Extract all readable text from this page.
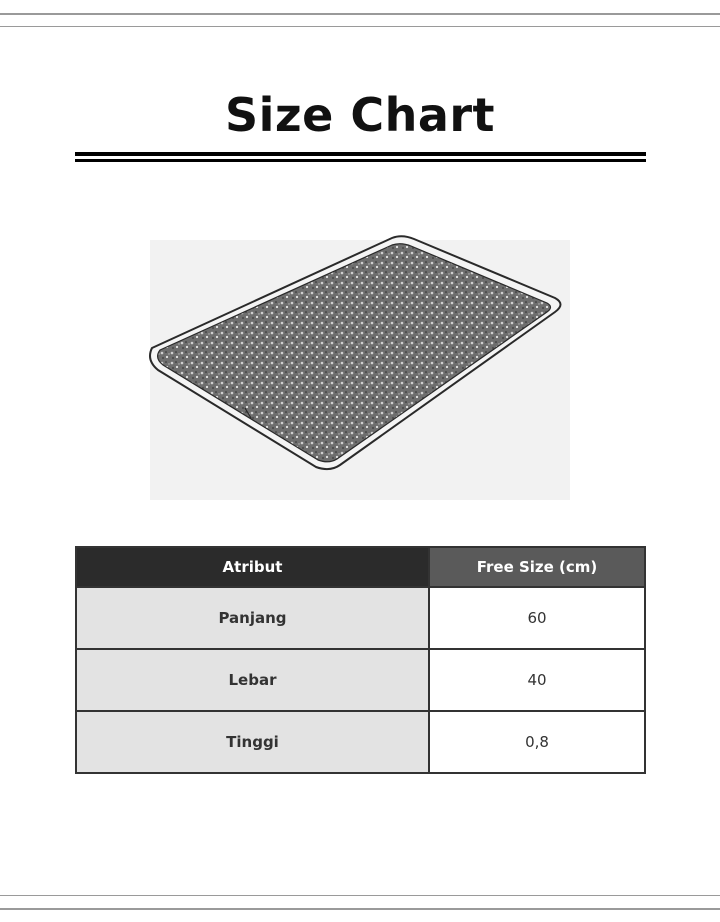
Size Chart
Atribut	Free Size (cm)
Panjang	60
Lebar	40
Tinggi	0,8
